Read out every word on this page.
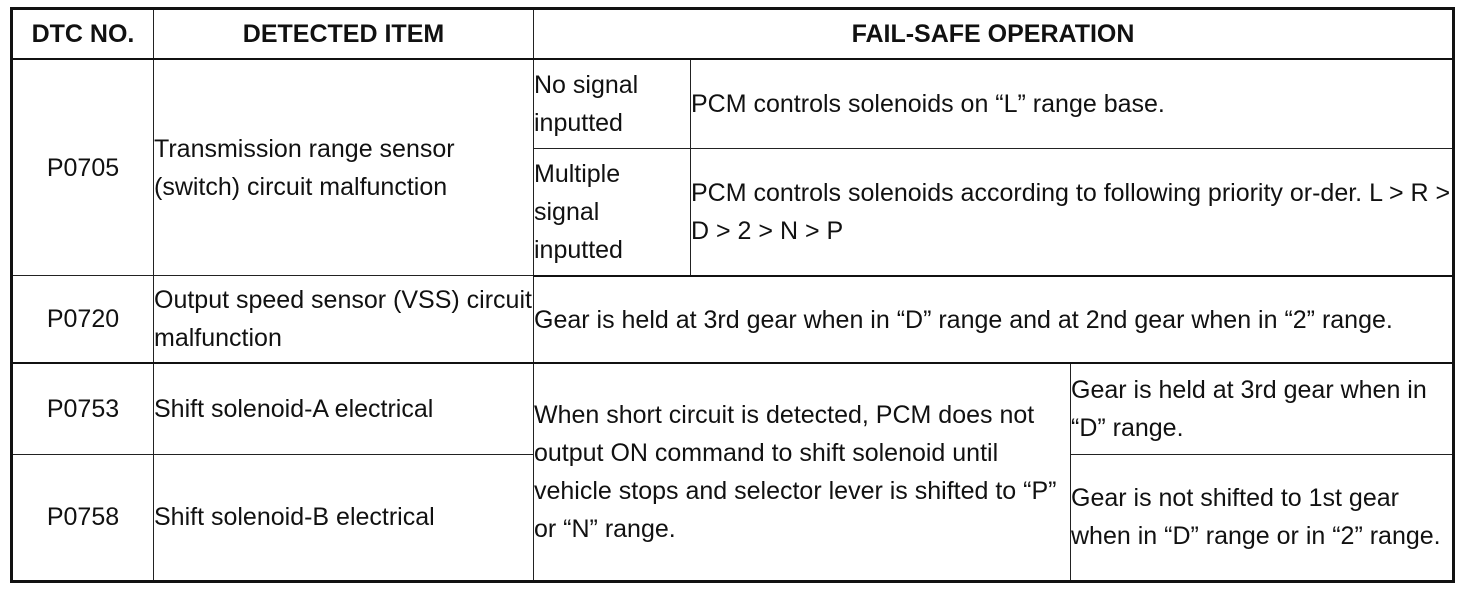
DTC NO.	DETECTED ITEM	FAIL-SAFE OPERATION		
P0705	Transmission range sensor (switch) circuit malfunction	No signal inputted	PCM controls solenoids on “L” range base.	
		Multiple signal inputted	PCM controls solenoids according to following priority or-der. L > R > D > 2 > N > P	
P0720	Output speed sensor (VSS) circuit malfunction	Gear is held at 3rd gear when in “D” range and at 2nd gear when in “2” range.		
P0753	Shift solenoid-A electrical	When short circuit is detected, PCM does not output ON command to shift solenoid until vehicle stops and selector lever is shifted to “P” or “N” range.		Gear is held at 3rd gear when in “D” range.
P0758	Shift solenoid-B electrical			Gear is not shifted to 1st gear when in “D” range or in “2” range.
